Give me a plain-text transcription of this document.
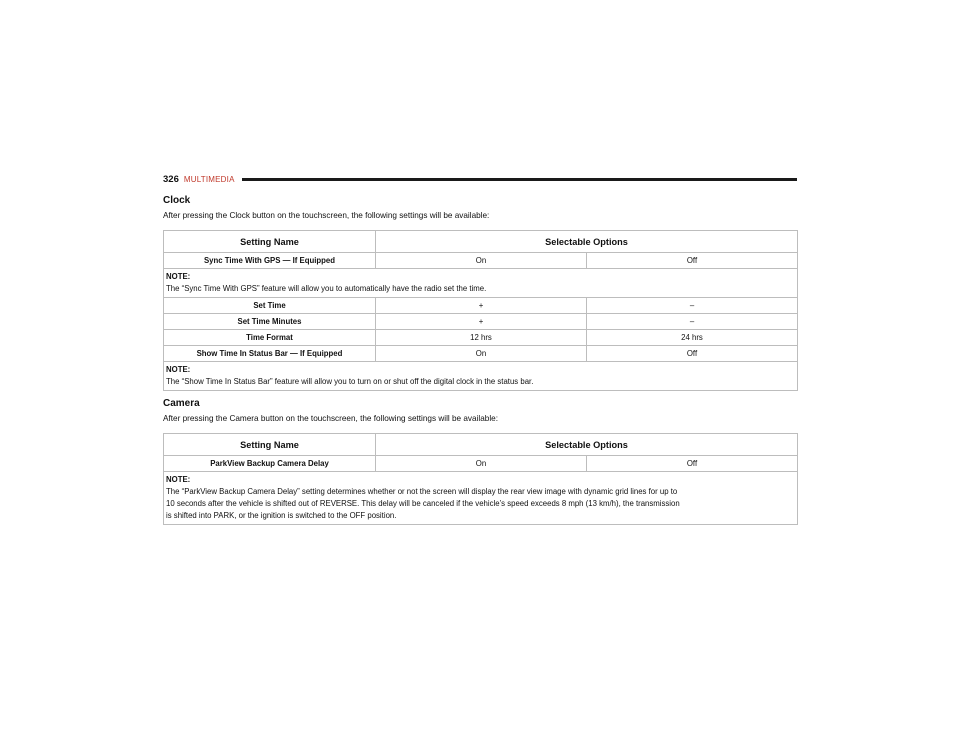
326 MULTIMEDIA
Clock
After pressing the Clock button on the touchscreen, the following settings will be available:
Setting Name	Selectable Options	
Sync Time With GPS — If Equipped	On	Off

NOTE:
The “Sync Time With GPS” feature will allow you to automatically have the radio set the time.		
Set Time	+	–
Set Time Minutes	+	–
Time Format	12 hrs	24 hrs
Show Time In Status Bar — If Equipped	On	Off

NOTE:
The “Show Time In Status Bar” feature will allow you to turn on or shut off the digital clock in the status bar.		
Camera
After pressing the Camera button on the touchscreen, the following settings will be available:
Setting Name	Selectable Options	
ParkView Backup Camera Delay	On	Off

NOTE:
The “ParkView Backup Camera Delay” setting determines whether or not the screen will display the rear view image with dynamic grid lines for up to
10 seconds after the vehicle is shifted out of REVERSE. This delay will be canceled if the vehicle’s speed exceeds 8 mph (13 km/h), the transmission
is shifted into PARK, or the ignition is switched to the OFF position.		
